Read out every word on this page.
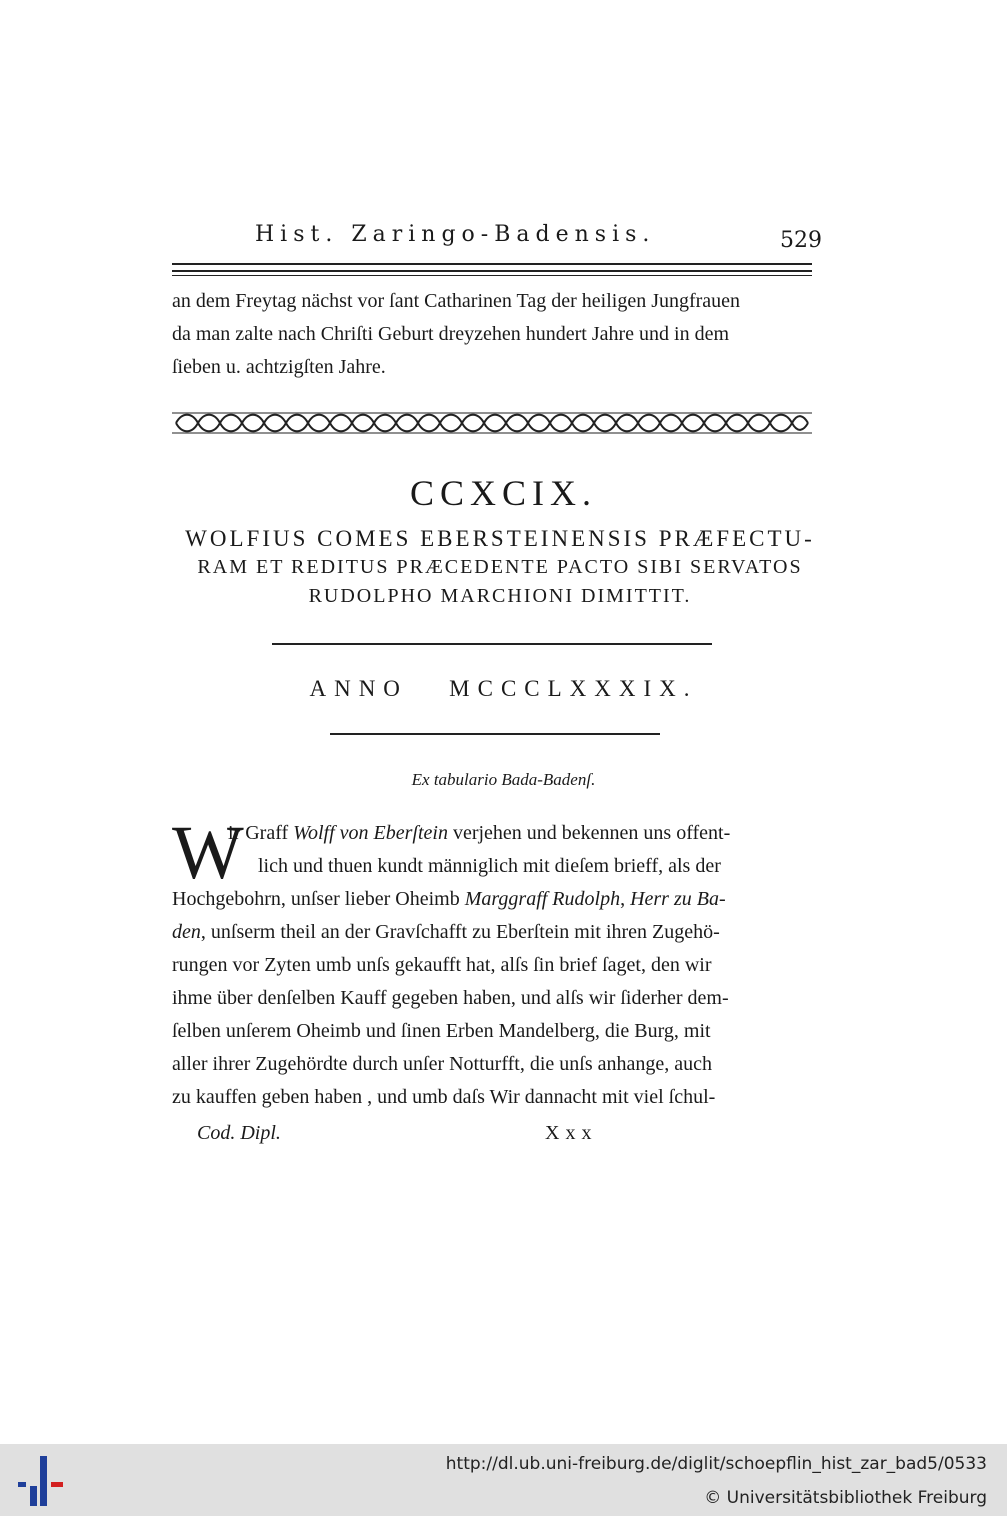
Hist. Zaringo-Badensis.	529
an dem Freytag nächst vor ſant Catharinen Tag der heiligen Jungfrauen
da man zalte nach Chriſti Geburt dreyzehen hundert Jahre und in dem
ſieben u. achtzigſten Jahre.
CCXCIX.
WOLFIUS COMES EBERSTEINENSIS PRÆFECTU-
RAM ET REDITUS PRÆCEDENTE PACTO SIBI SERVATOS
RUDOLPHO MARCHIONI DIMITTIT.
ANNO   MCCCLXXXIX.
Ex tabulario Bada-Badenſ.
W
ir Graff Wolff von Eberſtein verjehen und bekennen uns offent-
lich und thuen kundt männiglich mit dieſem brieff, als der
Hochgebohrn, unſser lieber Oheimb Marggraff Rudolph, Herr zu Ba-
den, unſserm theil an der Gravſchafft zu Eberſtein mit ihren Zugehö-
rungen vor Zyten umb unſs gekaufft hat, alſs ſin brief ſaget, den wir
ihme über denſelben Kauff gegeben haben, und alſs wir ſiderher dem-
ſelben unſerem Oheimb und ſinen Erben Mandelberg, die Burg, mit
aller ihrer Zugehördte durch unſer Notturfft, die unſs anhange, auch
zu kauffen geben haben , und umb daſs Wir dannacht mit viel ſchul-
Cod. Dipl.	Xxx
http://dl.ub.uni-freiburg.de/diglit/schoepflin_hist_zar_bad5/0533
© Universitätsbibliothek Freiburg
